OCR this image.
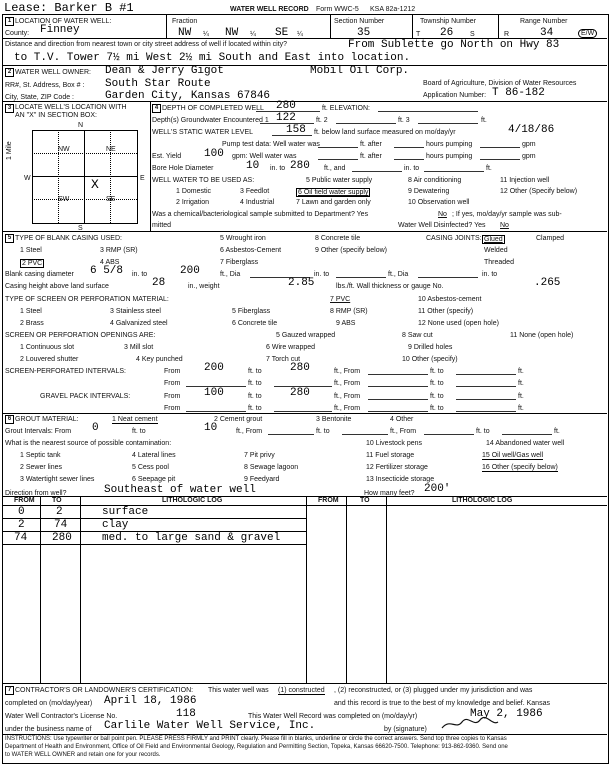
Lease: Barker B #1	WATER WELL RECORD Form WWC-5 KSA 82a-1212
1 LOCATION OF WATER WELL:
County: Finney
Fraction
NW ¼ NW ¼ SE ¼
Section Number
35
Township Number
T 26 S
Range Number
R	34	E/W
Distance and direction from nearest town or city street address of well if located within city?	From Sublette go North on Hwy 83
to T.V. Tower 7½ mi West 2½ mi South and East into location.
2 WATER WELL OWNER: Dean & Jerry Gigot	Mobil Oil Corp.
RR#, St. Address, Box # : South Star Route	Board of Agriculture, Division of Water Resources
City, State, ZIP Code :	Garden City, Kansas 67846	Application Number: T 86-182
3 LOCATE WELL'S LOCATION WITH
AN "X" IN SECTION BOX:
N
S
W	E
1 Mile	NW	NE
SW	SE
X
4 DEPTH OF COMPLETED WELL 280	ft. ELEVATION:
Depth(s) Groundwater Encountered 1 122	ft. 2	ft. 3	ft.
WELL'S STATIC WATER LEVEL	158 ft. below land surface measured on mo/day/yr	4/18/86
Pump test data: Well water was	ft. after	hours pumping	gpm
Est. Yield 100 gpm: Well water was	ft. after	hours pumping	gpm
Bore Hole Diameter	10 in. to 280 ft., and	in. to	ft.
WELL WATER TO BE USED AS:	5 Public water supply	8 Air conditioning	11 Injection well
1 Domestic	3 Feedlot	6 Oil field water supply	9 Dewatering	12 Other (Specify below)
2 Irrigation	4 Industrial	7 Lawn and garden only	10 Observation well
Was a chemical/bacteriological sample submitted to Department? Yes	No ; If yes, mo/day/yr sample was sub-
mitted	Water Well Disinfected? Yes No
5 TYPE OF BLANK CASING USED:	5 Wrought iron	8 Concrete tile	CASING JOINTS: Glued	Clamped
1 Steel	3 RMP (SR)	6 Asbestos-Cement	9 Other (specify below)	Welded
2 PVC	4 ABS	7 Fiberglass	Threaded
Blank casing diameter 6 5/8 in. to	200	ft., Dia	in. to	ft., Dia	in. to
Casing height above land surface	28	in., weight	2.85	lbs./ft. Wall thickness or gauge No.	.265
TYPE OF SCREEN OR PERFORATION MATERIAL:	7 PVC	10 Asbestos-cement
1 Steel	3 Stainless steel	5 Fiberglass	8 RMP (SR)	11 Other (specify)
2 Brass	4 Galvanized steel	6 Concrete tile	9 ABS	12 None used (open hole)
SCREEN OR PERFORATION OPENINGS ARE:	5 Gauzed wrapped	8 Saw cut	11 None (open hole)
1 Continuous slot	3 Mill slot	6 Wire wrapped	9 Drilled holes
2 Louvered shutter	4 Key punched	7 Torch cut	10 Other (specify)
SCREEN-PERFORATED INTERVALS:	From 200	ft. to	280	ft., From	ft. to	ft.
From	ft. to	ft., From	ft. to	ft.
GRAVEL PACK INTERVALS:	From 100	ft. to	280	ft., From	ft. to	ft.
From	ft. to	ft., From	ft. to	ft.
6 GROUT MATERIAL:	1 Neat cement	2 Cement grout	3 Bentonite	4 Other
Grout Intervals: From 0	ft. to	10	ft., From	ft. to	ft., From	ft. to	ft.
What is the nearest source of possible contamination:	10 Livestock pens	14 Abandoned water well
1 Septic tank	4 Lateral lines	7 Pit privy	11 Fuel storage	15 Oil well/Gas well
2 Sewer lines	5 Cess pool	8 Sewage lagoon	12 Fertilizer storage	16 Other (specify below)
3 Watertight sewer lines	6 Seepage pit	9 Feedyard	13 Insecticide storage
Direction from well?	Southeast of water well	How many feet? 200'
FROM TO	LITHOLOGIC LOG	FROM	TO	LITHOLOGIC LOG
0	2	surface
2	74	clay
74 280	med. to large sand & gravel
7 CONTRACTOR'S OR LANDOWNER'S CERTIFICATION: This water well was (1) constructed , (2) reconstructed, or (3) plugged under my jurisdiction and was
completed on (mo/day/year) April 18, 1986	and this record is true to the best of my knowledge and belief. Kansas
Water Well Contractor's License No.	118	This Water Well Record was completed on (mo/day/yr)	May 2, 1986
under the business name of Carlile Water Well Service, Inc.	by (signature)
INSTRUCTIONS: Use typewriter or ball point pen. PLEASE PRESS FIRMLY and PRINT clearly. Please fill in blanks, underline or circle the correct answers. Send top three copies to Kansas
Department of Health and Environment, Office of Oil Field and Environmental Geology, Regulation and Permitting Section, Topeka, Kansas 66620-7500. Telephone: 913-862-9360. Send one
to WATER WELL OWNER and retain one for your records.
